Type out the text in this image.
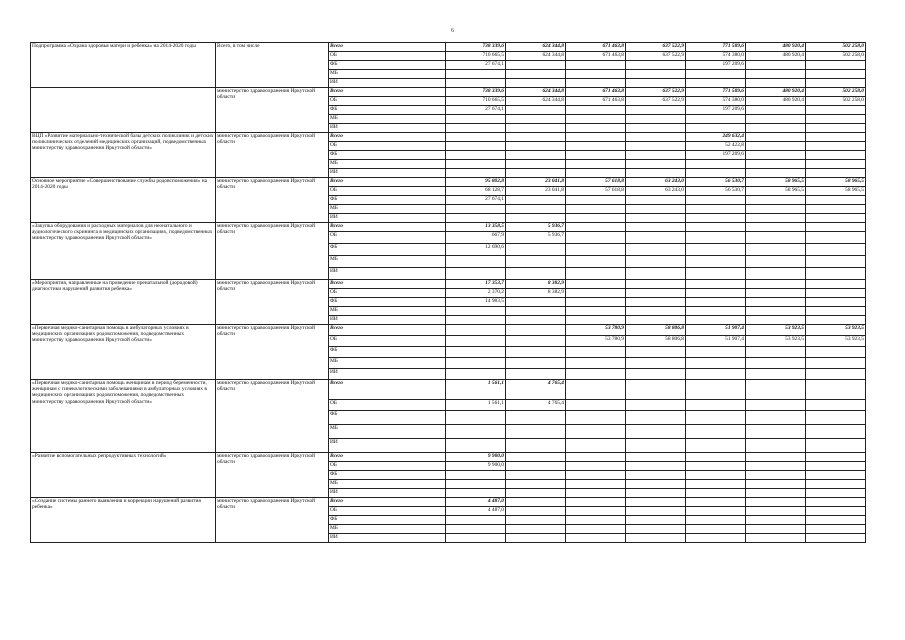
6
Подпрограмма «Охрана здоровья матери и ребенка» на 2014-2020 годы	Всего, в том числе	Всего	738 339,6	624 344,8	671 463,8	637 522,9	771 589,6	480 920,4	502 258,0
		ОБ	710 665,5	624 344,8	671 463,8	637 522,9	574 380,0	480 920,4	502 258,0
		ФБ	27 674,1				197 209,6		
		МБ							
		ИИ							
	министерство здравоохранения Иркутской области	Всего	738 339,6	624 344,8	671 463,8	637 522,9	771 589,6	480 920,4	502 258,0
		ОБ	710 665,5	624 344,8	671 463,8	637 522,9	574 380,0	480 920,4	502 258,0
		ФБ	27 674,1				197 209,6		
		МБ							
		ИИ							
ВЦП «Развитие материально-технической базы детских поликлиник и детских поликлинических отделений медицинских организаций, подведомственных министерству здравоохранения Иркутской области»	министерство здравоохранения Иркутской области	Всего					249 632,4		
		ОБ					52 422,8		
		ФБ					197 209,6		
		МБ							
		ИИ							
Основное мероприятие «Совершенствование службы родовспоможения» на 2014-2020 годы	министерство здравоохранения Иркутской области	Всего	95 802,8	23 041,8	57 618,8	63 243,0	56 530,7	58 965,5	58 965,5
		ОБ	68 128,7	23 041,8	57 618,8	63 243,0	56 530,7	58 965,5	58 965,5
		ФБ	27 674,1						
		МБ							
		ИИ							
«Закупка оборудования и расходных материалов для неонатального и аудиологического скрининга в медицинских организациях, подведомственных министерству здравоохранения Иркутской области»	министерство здравоохранения Иркутской области	Всего	13 358,5	5 936,7					
		ОБ	667,9	5 936,7					
		ФБ	12 690,6						
		МБ							
		ИИ							
«Мероприятия, направленные на проведение пренатальной (дородовой) диагностики нарушений развития ребенка»	министерство здравоохранения Иркутской области	Всего	17 353,7	8 382,9					
		ОБ	2 370,2	8 382,9					
		ФБ	14 983,5						
		МБ							
		ИИ							
«Первичная медико-санитарная помощь в амбулаторных условиях в медицинских организациях родовспоможения, подведомственных министерству здравоохранения Иркутской области»	министерство здравоохранения Иркутской области	Всего			53 780,9	58 806,8	51 907,4	53 923,5	53 923,5
		ОБ			53 780,9	58 806,8	51 907,4	53 923,5	53 923,5
		ФБ							
		МБ							
		ИИ							
«Первичная медико-санитарная помощь женщинам в период беременности, женщинам с гинекологическими заболеваниями в амбулаторных условиях в медицинских организациях родовспоможения, подведомственных министерству здравоохранения Иркутской области»	министерство здравоохранения Иркутской области	Всего	1 561,1	4 765,4					
		ОБ	1 561,1	4 765,4					
		ФБ							
		МБ							
		ИИ							
«Развитие вспомогательных репродуктивных технологий»	министерство здравоохранения Иркутской области	Всего	9 900,0						
		ОБ	9 900,0						
		ФБ							
		МБ							
		ИИ							
«Создание системы раннего выявления и коррекции нарушений развития ребенка»	министерство здравоохранения Иркутской области	Всего	4 487,0						
		ОБ	4 487,0						
		ФБ							
		МБ							
		ИИ							
